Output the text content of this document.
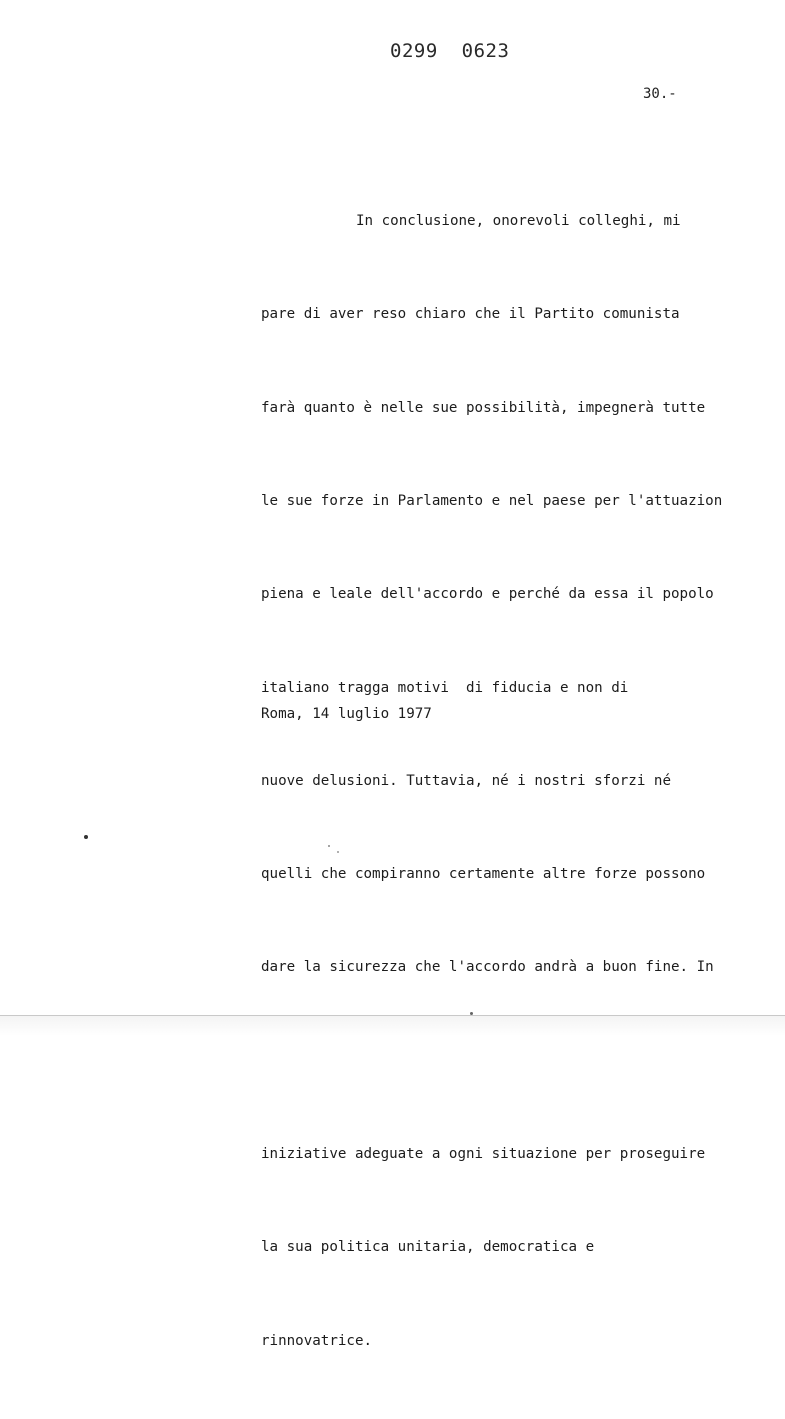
0299  0623
30.-

In conclusione, onorevoli colleghi, mi

pare di aver reso chiaro che il Partito comunista

farà quanto è nelle sue possibilità, impegnerà tutte

le sue forze in Parlamento e nel paese per l'attuazion

piena e leale dell'accordo e perché da essa il popolo

italiano tragga motivi  di fiducia e non di

nuove delusioni. Tuttavia, né i nostri sforzi né

quelli che compiranno certamente altre forze possono

dare la sicurezza che l'accordo andrà a buon fine. In

iniziative adeguate a ogni situazione per proseguire

la sua politica unitaria, democratica e

rinnovatrice.

Roma, 14 luglio 1977
